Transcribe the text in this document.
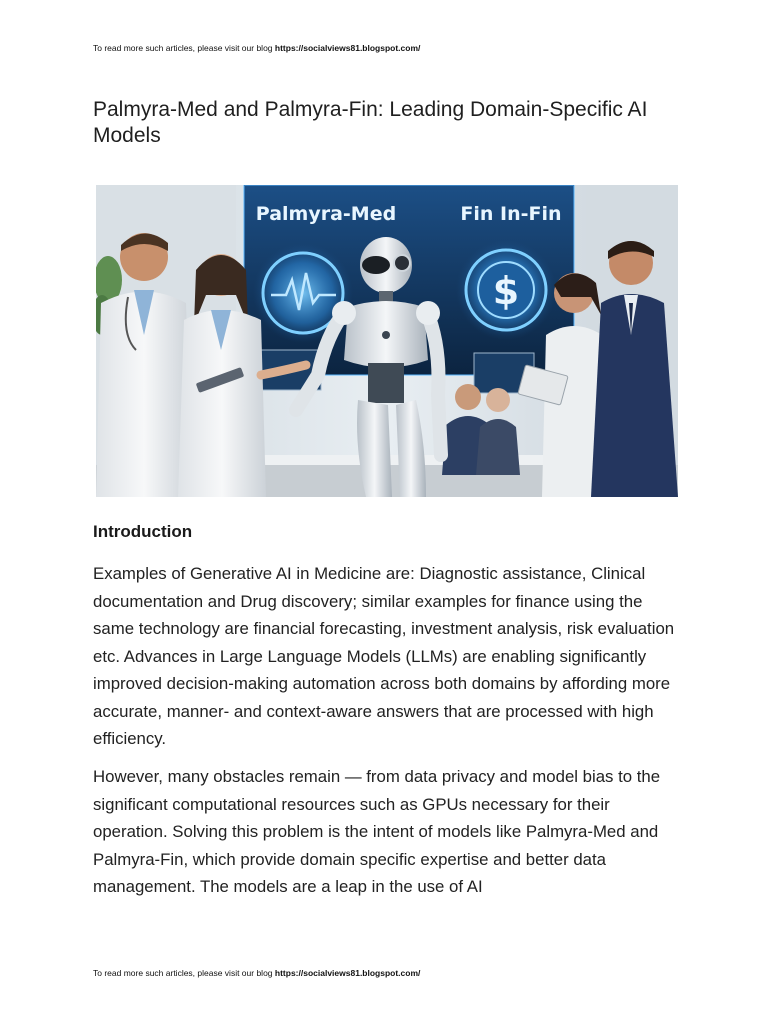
To read more such articles, please visit our blog https://socialviews81.blogspot.com/
Palmyra-Med and Palmyra-Fin: Leading Domain-Specific AI Models
Palmyra-Med	Fin In-Fin
$
Introduction

Examples of Generative AI in Medicine are: Diagnostic assistance, Clinical documentation and Drug discovery; similar examples for finance using the same technology are financial forecasting, investment analysis, risk evaluation etc. Advances in Large Language Models (LLMs) are enabling significantly improved decision-making automation across both domains by affording more accurate, manner- and context-aware answers that are processed with high efficiency.

However, many obstacles remain — from data privacy and model bias to the significant computational resources such as GPUs necessary for their operation. Solving this problem is the intent of models like Palmyra-Med and Palmyra-Fin, which provide domain specific expertise and better data management. The models are a leap in the use of AI

To read more such articles, please visit our blog https://socialviews81.blogspot.com/
